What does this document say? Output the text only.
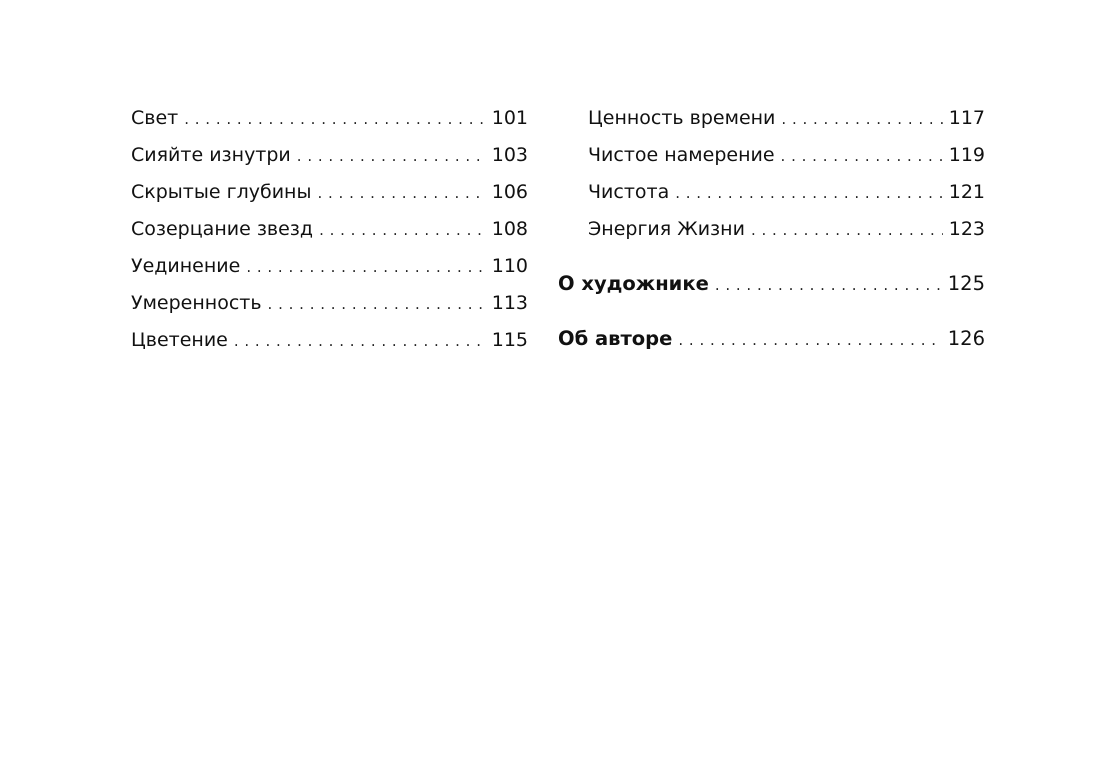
Свет . . .	101
Сияйте изнутри . . .	103
Скрытые глубины . . .	106
Созерцание звезд . . .	108
Уединение . . .	110
Умеренность . . .	113
Цветение . . .	115
Ценность времени . . .	117
Чистое намерение . . .	119
Чистота . . .	121
Энергия Жизни . . .	123
О художнике . . .	125
Об авторе . . .	126
